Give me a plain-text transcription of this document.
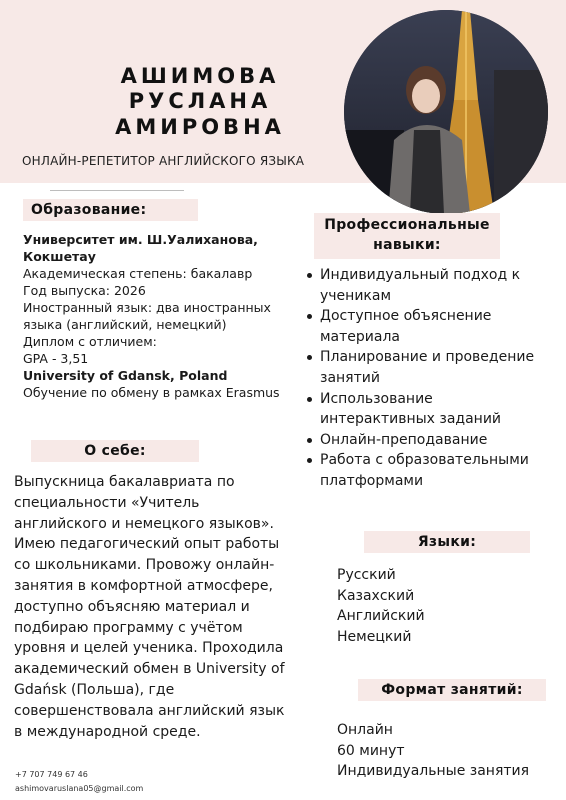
АШИМОВА
РУСЛАНА
АМИРОВНА
ОНЛАЙН-РЕПЕТИТОР АНГЛИЙСКОГО ЯЗЫКА
Образование:
Университет им. Ш.Уалиханова,
Кокшетау
Академическая степень: бакалавр
Год выпуска: 2026
Иностранный язык: два иностранных
языка (английский, немецкий)
Диплом с отличием:
GPA - 3,51
University of Gdansk, Poland
Обучение по обмену в рамках Erasmus
О себе:
Выпускница бакалавриата по
специальности «Учитель
английского и немецкого языков».
Имею педагогический опыт работы
со школьниками. Провожу онлайн-
занятия в комфортной атмосфере,
доступно объясняю материал и
подбираю программу с учётом
уровня и целей ученика. Проходила
академический обмен в University of
Gdańsk (Польша), где
совершенствовала английский язык
в международной среде.
Профессиональные
навыки:
Индивидуальный подход к
ученикам
Доступное объяснение
материала
Планирование и проведение
занятий
Использование
интерактивных заданий
Онлайн-преподавание
Работа с образовательными
платформами
Языки:
Русский
Казахский
Английский
Немецкий
Формат занятий:
Онлайн
60 минут
Индивидуальные занятия
+7 707 749 67 46
ashimovaruslana05@gmail.com
